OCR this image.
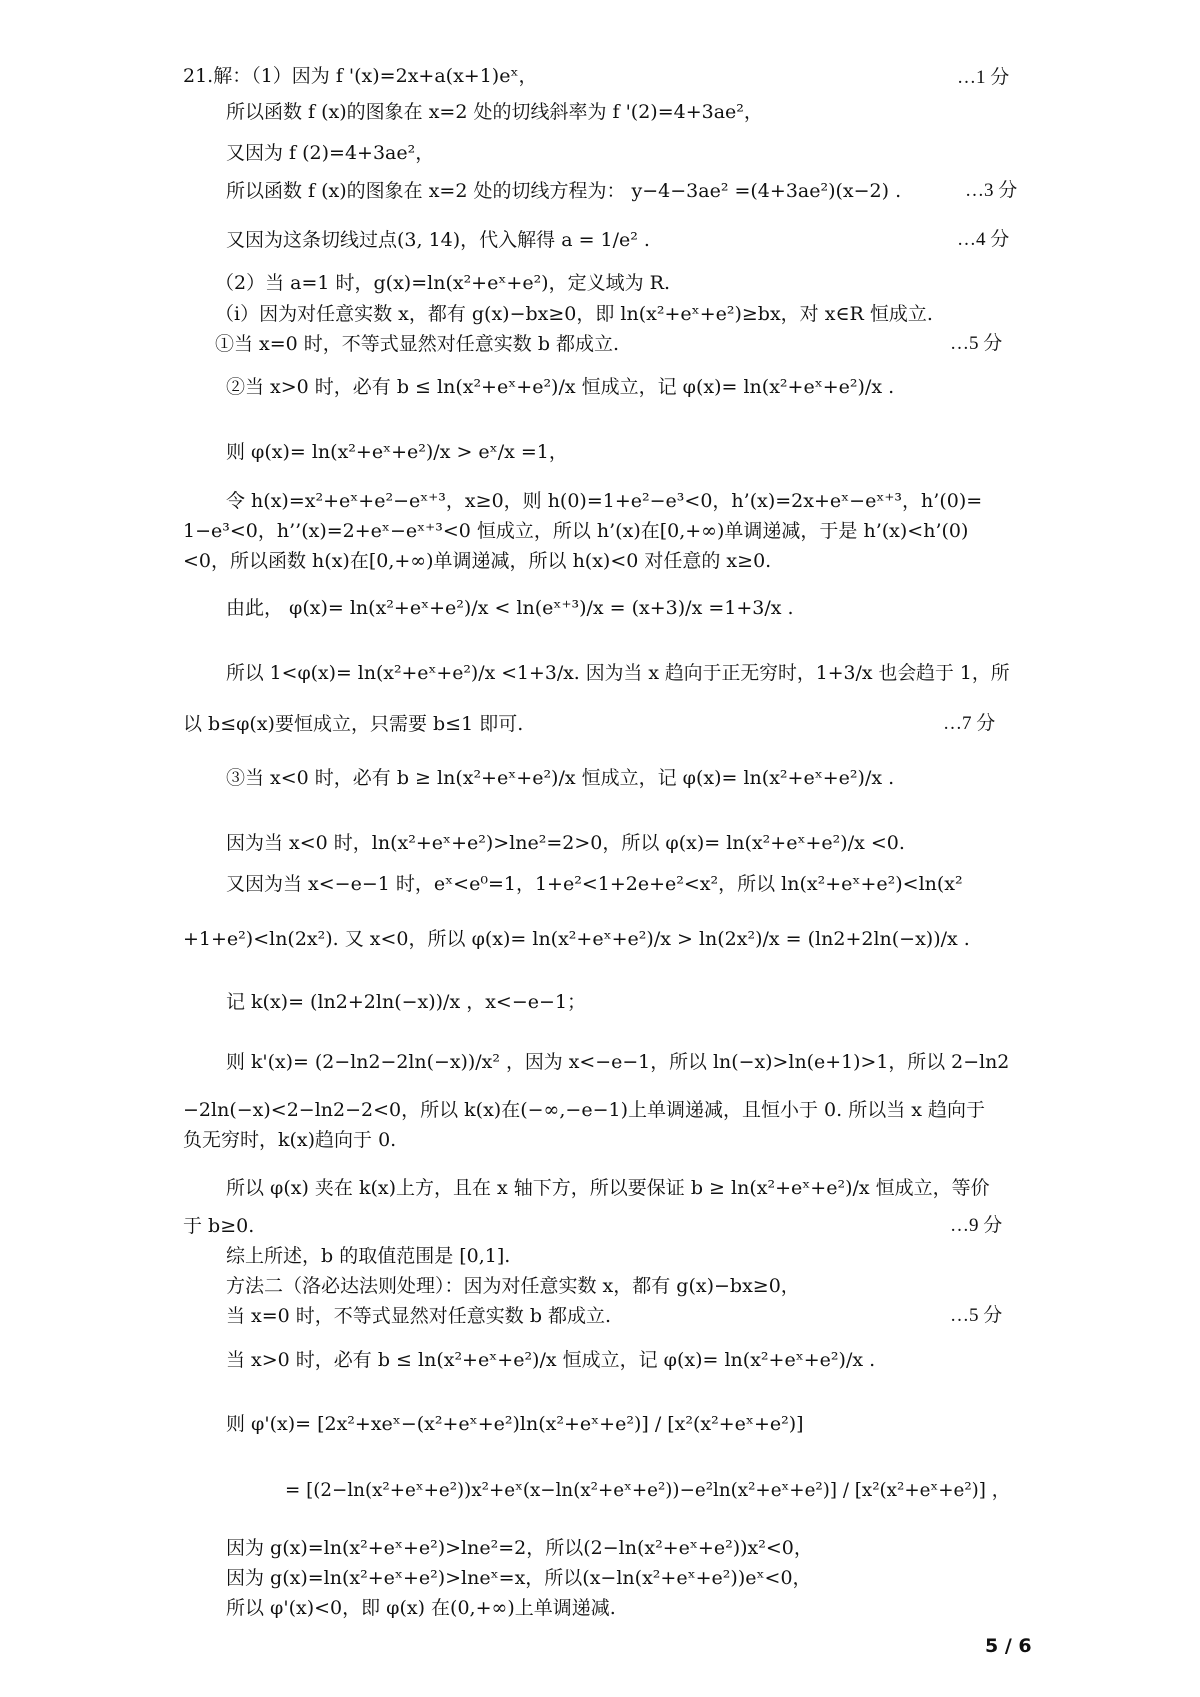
21.解：（1）因为 f '(x)=2x+a(x+1)eˣ，	…1 分
所以函数 f (x)的图象在 x=2 处的切线斜率为 f '(2)=4+3ae²，
又因为 f (2)=4+3ae²，
所以函数 f (x)的图象在 x=2 处的切线方程为： y−4−3ae² =(4+3ae²)(x−2) .	…3 分
又因为这条切线过点(3, 14)，代入解得 a = 1/e² .	…4 分
（2）当 a=1 时，g(x)=ln(x²+eˣ+e²)，定义域为 R.
（i）因为对任意实数 x，都有 g(x)−bx≥0，即 ln(x²+eˣ+e²)≥bx，对 x∈R 恒成立.
①当 x=0 时，不等式显然对任意实数 b 都成立.	…5 分
②当 x>0 时，必有 b ≤ ln(x²+eˣ+e²)/x 恒成立，记 φ(x)= ln(x²+eˣ+e²)/x .
则 φ(x)= ln(x²+eˣ+e²)/x > eˣ/x =1，
令 h(x)=x²+eˣ+e²−eˣ⁺³，x≥0，则 h(0)=1+e²−e³<0，h’(x)=2x+eˣ−eˣ⁺³，h’(0)=
1−e³<0，h’’(x)=2+eˣ−eˣ⁺³<0 恒成立，所以 h’(x)在[0,+∞)单调递减，于是 h’(x)<h’(0)
<0，所以函数 h(x)在[0,+∞)单调递减，所以 h(x)<0 对任意的 x≥0.
由此， φ(x)= ln(x²+eˣ+e²)/x < ln(eˣ⁺³)/x = (x+3)/x =1+3/x .
所以 1<φ(x)= ln(x²+eˣ+e²)/x <1+3/x. 因为当 x 趋向于正无穷时，1+3/x 也会趋于 1，所
以 b≤φ(x)要恒成立，只需要 b≤1 即可.	…7 分
③当 x<0 时，必有 b ≥ ln(x²+eˣ+e²)/x 恒成立，记 φ(x)= ln(x²+eˣ+e²)/x .
因为当 x<0 时，ln(x²+eˣ+e²)>lne²=2>0，所以 φ(x)= ln(x²+eˣ+e²)/x <0.
又因为当 x<−e−1 时，eˣ<e⁰=1，1+e²<1+2e+e²<x²，所以 ln(x²+eˣ+e²)<ln(x²
+1+e²)<ln(2x²). 又 x<0，所以 φ(x)= ln(x²+eˣ+e²)/x > ln(2x²)/x = (ln2+2ln(−x))/x .
记 k(x)= (ln2+2ln(−x))/x ，x<−e−1；
则 k'(x)= (2−ln2−2ln(−x))/x² ，因为 x<−e−1，所以 ln(−x)>ln(e+1)>1，所以 2−ln2
−2ln(−x)<2−ln2−2<0，所以 k(x)在(−∞,−e−1)上单调递减，且恒小于 0. 所以当 x 趋向于
负无穷时，k(x)趋向于 0.
所以 φ(x) 夹在 k(x)上方，且在 x 轴下方，所以要保证 b ≥ ln(x²+eˣ+e²)/x 恒成立，等价
于 b≥0.	…9 分
综上所述，b 的取值范围是 [0,1].
方法二（洛必达法则处理）：因为对任意实数 x，都有 g(x)−bx≥0，
当 x=0 时，不等式显然对任意实数 b 都成立.	…5 分
当 x>0 时，必有 b ≤ ln(x²+eˣ+e²)/x 恒成立，记 φ(x)= ln(x²+eˣ+e²)/x .
则 φ'(x)= [2x²+xeˣ−(x²+eˣ+e²)ln(x²+eˣ+e²)] / [x²(x²+eˣ+e²)]
= [(2−ln(x²+eˣ+e²))x²+eˣ(x−ln(x²+eˣ+e²))−e²ln(x²+eˣ+e²)] / [x²(x²+eˣ+e²)] ，
因为 g(x)=ln(x²+eˣ+e²)>lne²=2，所以(2−ln(x²+eˣ+e²))x²<0，
因为 g(x)=ln(x²+eˣ+e²)>lneˣ=x，所以(x−ln(x²+eˣ+e²))eˣ<0，
所以 φ'(x)<0，即 φ(x) 在(0,+∞)上单调递减.
5 / 6
